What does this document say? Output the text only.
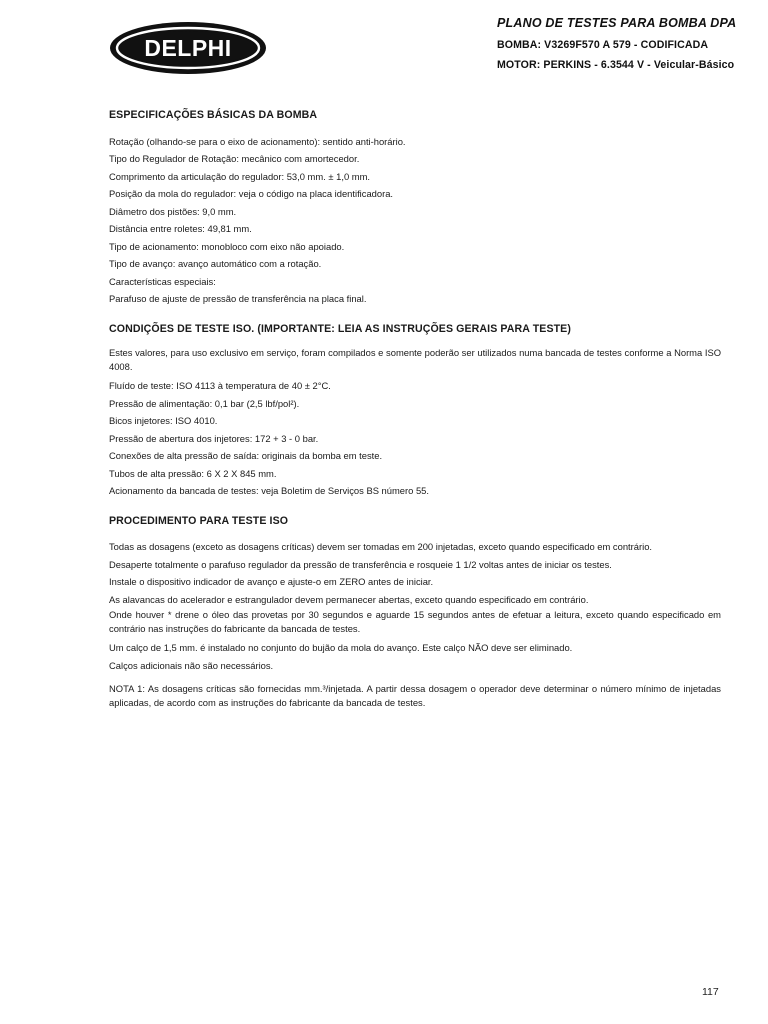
DELPHI
PLANO DE TESTES PARA BOMBA DPA
BOMBA: V3269F570 A 579 - CODIFICADA
MOTOR: PERKINS - 6.3544 V - Veicular-Básico
ESPECIFICAÇÕES BÁSICAS DA BOMBA

Rotação (olhando-se para o eixo de acionamento): sentido anti-horário.

Tipo do Regulador de Rotação: mecânico com amortecedor.

Comprimento da articulação do regulador: 53,0 mm. ± 1,0 mm.

Posição da mola do regulador: veja o código na placa identificadora.

Diâmetro dos pistões: 9,0 mm.

Distância entre roletes: 49,81 mm.

Tipo de acionamento: monobloco com eixo não apoiado.

Tipo de avanço: avanço automático com a rotação.

Características especiais:

Parafuso de ajuste de pressão de transferência na placa final.

CONDIÇÕES DE TESTE ISO. (IMPORTANTE: LEIA AS INSTRUÇÕES GERAIS PARA TESTE)

Estes valores, para uso exclusivo em serviço, foram compilados e somente poderão ser utilizados numa bancada de testes conforme a Norma ISO 4008.

Fluído de teste: ISO 4113 à temperatura de 40 ± 2°C.

Pressão de alimentação: 0,1 bar (2,5 lbf/pol²).

Bicos injetores: ISO 4010.

Pressão de abertura dos injetores: 172 + 3 - 0 bar.

Conexões de alta pressão de saída: originais da bomba em teste.

Tubos de alta pressão: 6 X 2 X 845 mm.

Acionamento da bancada de testes: veja Boletim de Serviços BS número 55.

PROCEDIMENTO PARA TESTE ISO

Todas as dosagens (exceto as dosagens críticas) devem ser tomadas em 200 injetadas, exceto quando especificado em contrário.

Desaperte totalmente o parafuso regulador da pressão de transferência e rosqueie 1 1/2 voltas antes de iniciar os testes.

Instale o dispositivo indicador de avanço e ajuste-o em ZERO antes de iniciar.

As alavancas do acelerador e estrangulador devem permanecer abertas, exceto quando especificado em contrário.

Onde houver * drene o óleo das provetas por 30 segundos e aguarde 15 segundos antes de efetuar a leitura, exceto quando especificado em contrário nas instruções do fabricante da bancada de testes.

Um calço de 1,5 mm. é instalado no conjunto do bujão da mola do avanço. Este calço NÃO deve ser eliminado.

Calços adicionais não são necessários.

NOTA 1: As dosagens críticas são fornecidas mm.³/injetada. A partir dessa dosagem o operador deve determinar o número mínimo de injetadas aplicadas, de acordo com as instruções do fabricante da bancada de testes.

117
